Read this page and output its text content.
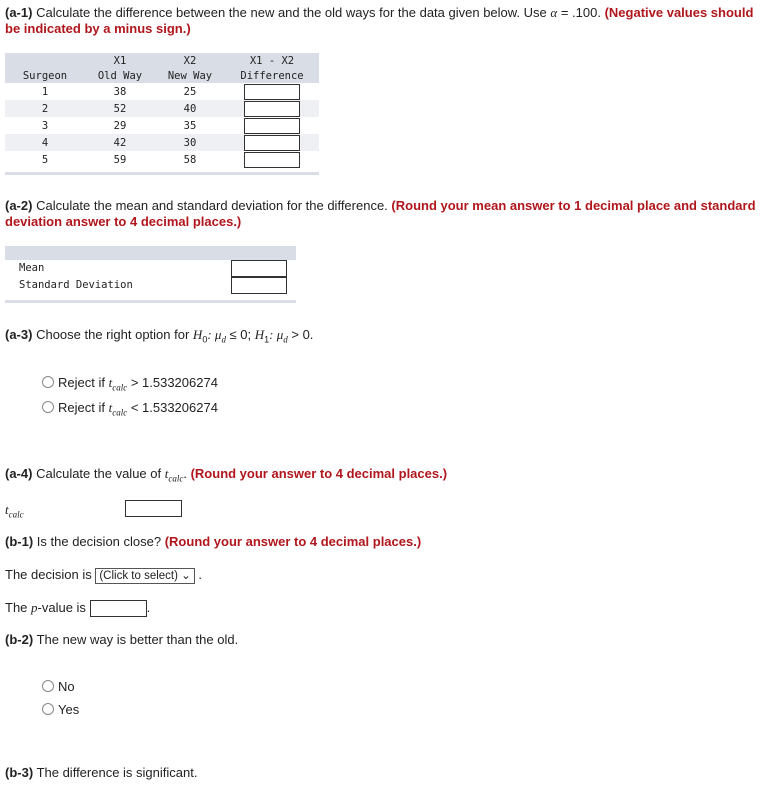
(a-1) Calculate the difference between the new and the old ways for the data given below. Use α = .100. (Negative values should be indicated by a minus sign.)
	X1	X2	X1 - X2
Surgeon	Old Way	New Way	Difference
1	38	25	
2	52	40	
3	29	35	
4	42	30	
5	59	58	
(a-2) Calculate the mean and standard deviation for the difference. (Round your mean answer to 1 decimal place and standard deviation answer to 4 decimal places.)
Mean
Standard Deviation
(a-3) Choose the right option for $H_0$: $\mu_d \le 0$; $H_1$: $\mu_d > 0$.
Reject if $t_{calc} > 1.533206274$
Reject if $t_{calc} < 1.533206274$
(a-4) Calculate the value of $t_{calc}$. (Round your answer to 4 decimal places.)
$t_{calc}$
(b-1) Is the decision close? (Round your answer to 4 decimal places.)
The decision is (Click to select) ⌄ .
The p-value is	.
(b-2) The new way is better than the old.
No
Yes
(b-3) The difference is significant.
